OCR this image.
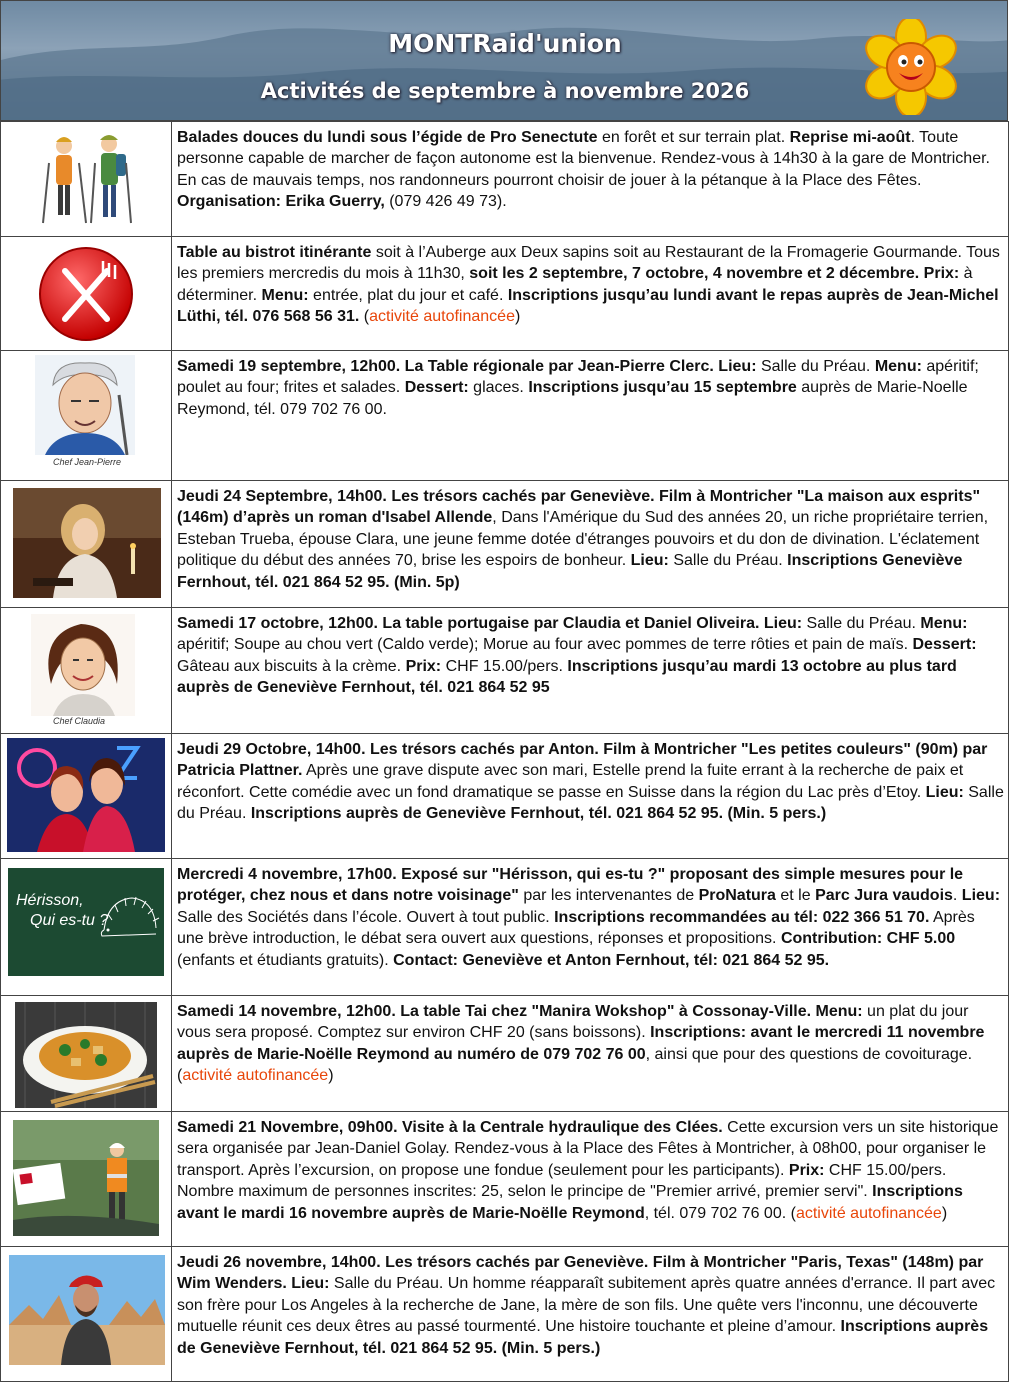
MONTRaid'union
Activités de septembre à novembre 2026
	Balades douces du lundi sous l’égide de Pro Senectute en forêt et sur terrain plat. Reprise mi-août. Toute personne capable de marcher de façon autonome est la bienvenue. Rendez-vous à 14h30 à la gare de Montricher. En cas de mauvais temps, nos randonneurs pourront choisir de jouer à la pétanque à la Place des Fêtes. Organisation: Erika Guerry, (079 426 49 73).

	Table au bistrot itinérante soit à l’Auberge aux Deux sapins soit au Restaurant de la Fromagerie Gourmande. Tous les premiers mercredis du mois à 11h30, soit les 2 septembre, 7 octobre, 4 novembre et 2 décembre. Prix: à déterminer. Menu: entrée, plat du jour et café. Inscriptions jusqu’au lundi avant le repas auprès de Jean-Michel Lüthi, tél. 076 568 56 31. (activité autofinancée)

Chef Jean-Pierre	Samedi 19 septembre, 12h00. La Table régionale par Jean-Pierre Clerc. Lieu: Salle du Préau. Menu: apéritif; poulet au four; frites et salades. Dessert: glaces. Inscriptions jusqu’au 15 septembre auprès de Marie-Noelle Reymond, tél. 079 702 76 00.

	Jeudi 24 Septembre, 14h00. Les trésors cachés par Geneviève. Film à Montricher "La maison aux esprits" (146m) d’après un roman d'Isabel Allende, Dans l'Amérique du Sud des années 20, un riche propriétaire terrien, Esteban Trueba, épouse Clara, une jeune femme dotée d'étranges pouvoirs et du don de divination. L'éclatement politique du début des années 70, brise les espoirs de bonheur. Lieu: Salle du Préau. Inscriptions Geneviève Fernhout, tél. 021 864 52 95. (Min. 5p)

Chef Claudia	Samedi 17 octobre, 12h00. La table portugaise par Claudia et Daniel Oliveira. Lieu: Salle du Préau. Menu: apéritif; Soupe au chou vert (Caldo verde); Morue au four avec pommes de terre rôties et pain de maïs. Dessert: Gâteau aux biscuits à la crème. Prix: CHF 15.00/pers. Inscriptions jusqu’au mardi 13 octobre au plus tard auprès de Geneviève Fernhout, tél. 021 864 52 95

	Jeudi 29 Octobre, 14h00. Les trésors cachés par Anton. Film à Montricher "Les petites couleurs" (90m) par Patricia Plattner. Après une grave dispute avec son mari, Estelle prend la fuite errant à la recherche de paix et réconfort. Cette comédie avec un fond dramatique se passe en Suisse dans la région du Lac près d’Etoy. Lieu: Salle du Préau. Inscriptions auprès de Geneviève Fernhout, tél. 021 864 52 95. (Min. 5 pers.)

Hérisson,
Qui es-tu ?	Mercredi 4 novembre, 17h00. Exposé sur "Hérisson, qui es-tu ?" proposant des simple mesures pour le protéger, chez nous et dans notre voisinage" par les intervenantes de ProNatura et le Parc Jura vaudois. Lieu: Salle des Sociétés dans l’école. Ouvert à tout public. Inscriptions recommandées au tél: 022 366 51 70. Après une brève introduction, le débat sera ouvert aux questions, réponses et propositions. Contribution: CHF 5.00 (enfants et étudiants gratuits). Contact: Geneviève et Anton Fernhout, tél: 021 864 52 95.

	Samedi 14 novembre, 12h00. La table Tai chez "Manira Wokshop" à Cossonay-Ville. Menu: un plat du jour vous sera proposé. Comptez sur environ CHF 20 (sans boissons). Inscriptions: avant le mercredi 11 novembre auprès de Marie-Noëlle Reymond au numéro de 079 702 76 00, ainsi que pour des questions de covoiturage. (activité autofinancée)

	Samedi 21 Novembre, 09h00. Visite à la Centrale hydraulique des Clées. Cette excursion vers un site historique sera organisée par Jean-Daniel Golay. Rendez-vous à la Place des Fêtes à Montricher, à 08h00, pour organiser le transport. Après l’excursion, on propose une fondue (seulement pour les participants). Prix: CHF 15.00/pers. Nombre maximum de personnes inscrites: 25, selon le principe de "Premier arrivé, premier servi". Inscriptions avant le mardi 16 novembre auprès de Marie-Noëlle Reymond, tél. 079 702 76 00. (activité autofinancée)

	Jeudi 26 novembre, 14h00. Les trésors cachés par Geneviève. Film à Montricher "Paris, Texas" (148m) par Wim Wenders. Lieu: Salle du Préau. Un homme réapparaît subitement après quatre années d'errance. Il part avec son frère pour Los Angeles à la recherche de Jane, la mère de son fils. Une quête vers l'inconnu, une découverte mutuelle réunit ces deux êtres au passé tourmenté. Une histoire touchante et pleine d’amour. Inscriptions auprès de Geneviève Fernhout, tél. 021 864 52 95. (Min. 5 pers.)
